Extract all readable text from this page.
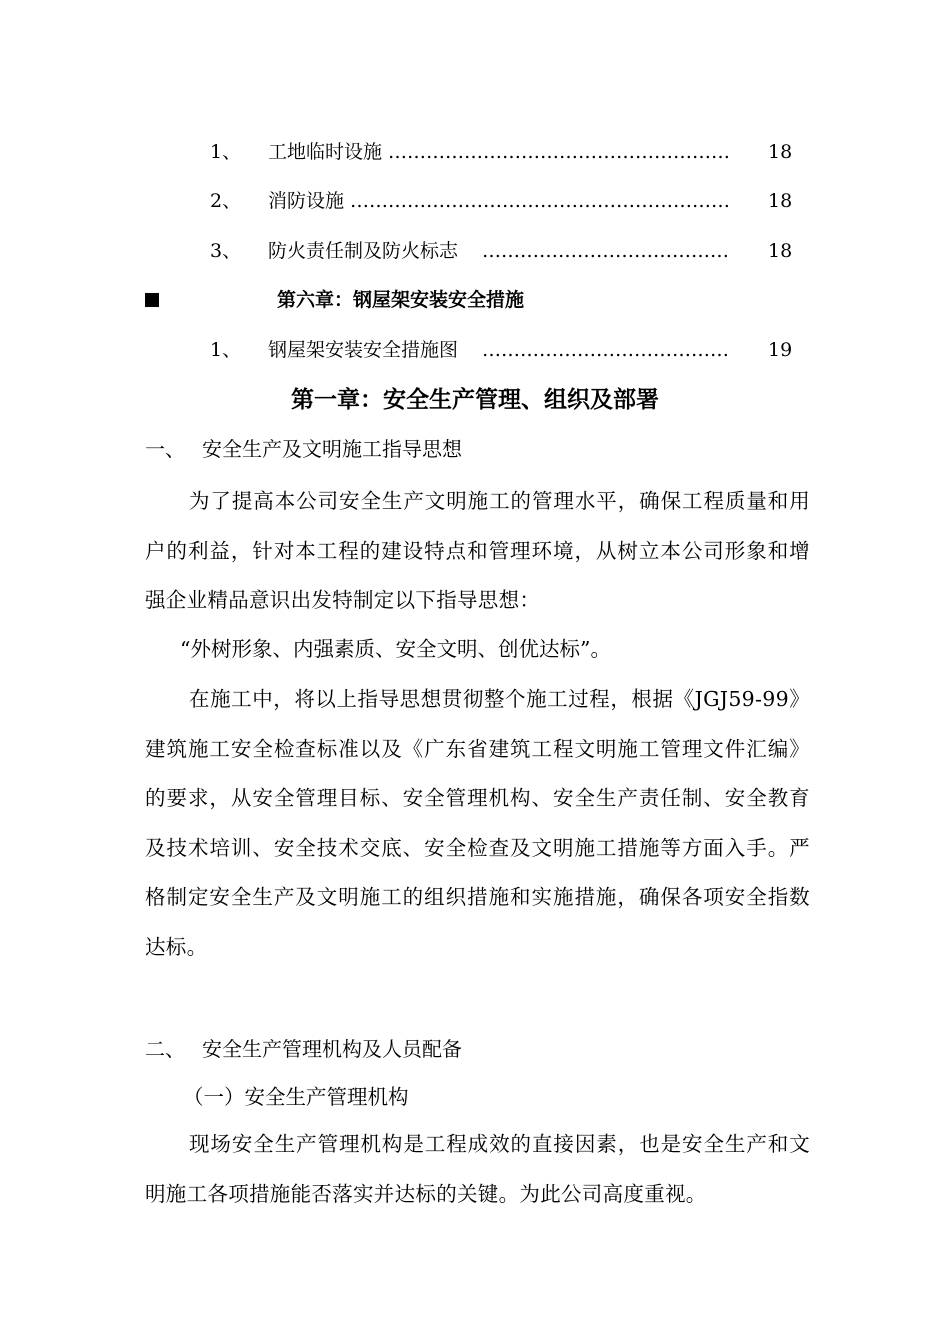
1、 工地临时设施 ………………………………………………	18
2、 消防设施 ……………………………………………………	18
3、 防火责任制及防火标志 …………………………………	18
第六章：钢屋架安装安全措施
1、 钢屋架安装安全措施图 …………………………………	19
第一章：安全生产管理、组织及部署
一、 安全生产及文明施工指导思想
为了提高本公司安全生产文明施工的管理水平，确保工程质量和用户的利益，针对本工程的建设特点和管理环境，从树立本公司形象和增强企业精品意识出发特制定以下指导思想：
“外树形象、内强素质、安全文明、创优达标”。
在施工中，将以上指导思想贯彻整个施工过程，根据《JGJ59-99》建筑施工安全检查标准以及《广东省建筑工程文明施工管理文件汇编》的要求，从安全管理目标、安全管理机构、安全生产责任制、安全教育及技术培训、安全技术交底、安全检查及文明施工措施等方面入手。严格制定安全生产及文明施工的组织措施和实施措施，确保各项安全指数达标。
二、 安全生产管理机构及人员配备
（一）安全生产管理机构
现场安全生产管理机构是工程成效的直接因素，也是安全生产和文明施工各项措施能否落实并达标的关键。为此公司高度重视。
